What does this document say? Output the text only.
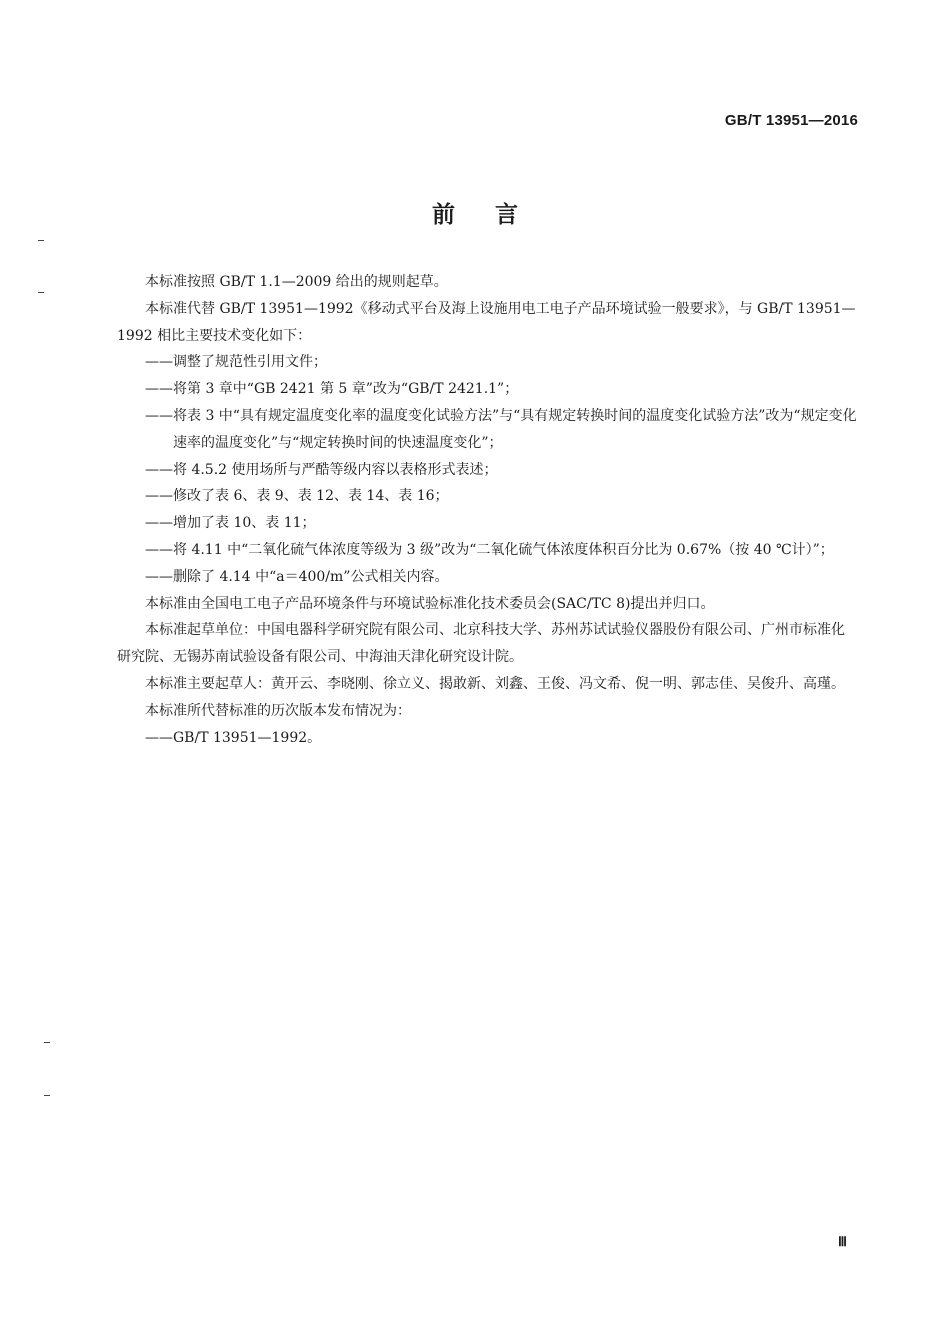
GB/T 13951—2016
前言

本标准按照 GB/T 1.1—2009 给出的规则起草。

本标准代替 GB/T 13951—1992《移动式平台及海上设施用电工电子产品环境试验一般要求》，与 GB/T 13951—1992 相比主要技术变化如下：

——调整了规范性引用文件；

——将第 3 章中“GB 2421 第 5 章”改为“GB/T 2421.1”；

——将表 3 中“具有规定温度变化率的温度变化试验方法”与“具有规定转换时间的温度变化试验方法”改为“规定变化速率的温度变化”与“规定转换时间的快速温度变化”；

——将 4.5.2 使用场所与严酷等级内容以表格形式表述；

——修改了表 6、表 9、表 12、表 14、表 16；

——增加了表 10、表 11；

——将 4.11 中“二氧化硫气体浓度等级为 3 级”改为“二氧化硫气体浓度体积百分比为 0.67%（按 40 ℃计）”；

——删除了 4.14 中“a＝400/m”公式相关内容。

本标准由全国电工电子产品环境条件与环境试验标准化技术委员会(SAC/TC 8)提出并归口。

本标准起草单位：中国电器科学研究院有限公司、北京科技大学、苏州苏试试验仪器股份有限公司、广州市标准化研究院、无锡苏南试验设备有限公司、中海油天津化研究设计院。

本标准主要起草人：黄开云、李晓刚、徐立义、揭敢新、刘鑫、王俊、冯文希、倪一明、郭志佳、吴俊升、高瑾。

本标准所代替标准的历次版本发布情况为：

——GB/T 13951—1992。

Ⅲ
